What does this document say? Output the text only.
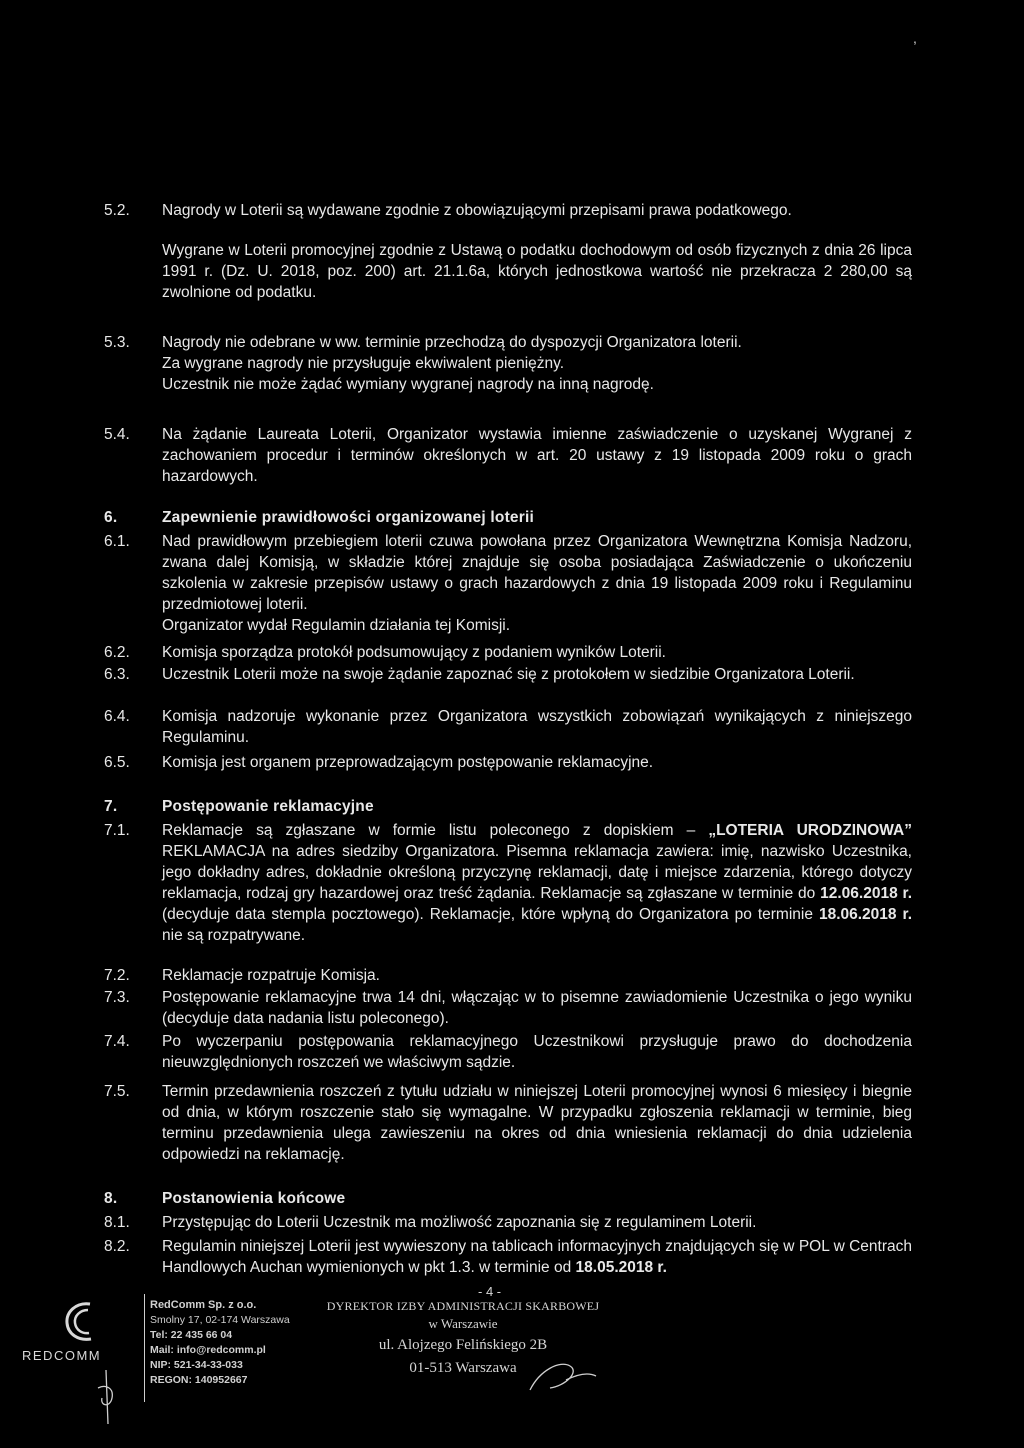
,
5.2.	Nagrody w Loterii są wydawane zgodnie z obowiązującymi przepisami prawa podatkowego.

Wygrane w Loterii promocyjnej zgodnie z Ustawą o podatku dochodowym od osób fizycznych z dnia 26 lipca 1991 r. (Dz. U. 2018, poz. 200) art. 21.1.6a, których jednostkowa wartość nie przekracza 2 280,00 są zwolnione od podatku.

5.3.	Nagrody nie odebrane w ww. terminie przechodzą do dyspozycji Organizatora loterii.

Za wygrane nagrody nie przysługuje ekwiwalent pieniężny.

Uczestnik nie może żądać wymiany wygranej nagrody na inną nagrodę.

5.4.	Na żądanie Laureata Loterii, Organizator wystawia imienne zaświadczenie o uzyskanej Wygranej z zachowaniem procedur i terminów określonych w art. 20 ustawy z 19 listopada 2009 roku o grach hazardowych.

6.	Zapewnienie prawidłowości organizowanej loterii

6.1.	Nad prawidłowym przebiegiem loterii czuwa powołana przez Organizatora Wewnętrzna Komisja Nadzoru, zwana dalej Komisją, w składzie której znajduje się osoba posiadająca Zaświadczenie o ukończeniu szkolenia w zakresie przepisów ustawy o grach hazardowych z dnia 19 listopada 2009 roku i Regulaminu przedmiotowej loterii.

Organizator wydał Regulamin działania tej Komisji.

6.2.	Komisja sporządza protokół podsumowujący z podaniem wyników Loterii.

6.3.	Uczestnik Loterii może na swoje żądanie zapoznać się z protokołem w siedzibie Organizatora Loterii.

6.4.	Komisja nadzoruje wykonanie przez Organizatora wszystkich zobowiązań wynikających z niniejszego Regulaminu.

6.5.	Komisja jest organem przeprowadzającym postępowanie reklamacyjne.

7.	Postępowanie reklamacyjne

7.1.	Reklamacje są zgłaszane w formie listu poleconego z dopiskiem – „LOTERIA URODZINOWA” REKLAMACJA na adres siedziby Organizatora. Pisemna reklamacja zawiera: imię, nazwisko Uczestnika, jego dokładny adres, dokładnie określoną przyczynę reklamacji, datę i miejsce zdarzenia, którego dotyczy reklamacja, rodzaj gry hazardowej oraz treść żądania. Reklamacje są zgłaszane w terminie do 12.06.2018 r. (decyduje data stempla pocztowego). Reklamacje, które wpłyną do Organizatora po terminie 18.06.2018 r. nie są rozpatrywane.

7.2.	Reklamacje rozpatruje Komisja.

7.3.	Postępowanie reklamacyjne trwa 14 dni, włączając w to pisemne zawiadomienie Uczestnika o jego wyniku (decyduje data nadania listu poleconego).

7.4.	Po wyczerpaniu postępowania reklamacyjnego Uczestnikowi przysługuje prawo do dochodzenia nieuwzględnionych roszczeń we właściwym sądzie.

7.5.	Termin przedawnienia roszczeń z tytułu udziału w niniejszej Loterii promocyjnej wynosi 6 miesięcy i biegnie od dnia, w którym roszczenie stało się wymagalne. W przypadku zgłoszenia reklamacji w terminie, bieg terminu przedawnienia ulega zawieszeniu na okres od dnia wniesienia reklamacji do dnia udzielenia odpowiedzi na reklamację.

8.	Postanowienia końcowe

8.1.	Przystępując do Loterii Uczestnik ma możliwość zapoznania się z regulaminem Loterii.

8.2.	Regulamin niniejszej Loterii jest wywieszony na tablicach informacyjnych znajdujących się w POL w Centrach Handlowych Auchan wymienionych w pkt 1.3. w terminie od 18.05.2018 r.

- 4 -
REDCOMM
RedComm Sp. z o.o.
Smolny 17, 02-174 Warszawa
Tel: 22 435 66 04
Mail: info@redcomm.pl
NIP: 521-34-33-033
REGON: 140952667
DYREKTOR IZBY ADMINISTRACJI SKARBOWEJ
w Warszawie
ul. Alojzego Felińskiego 2B
01-513 Warszawa
